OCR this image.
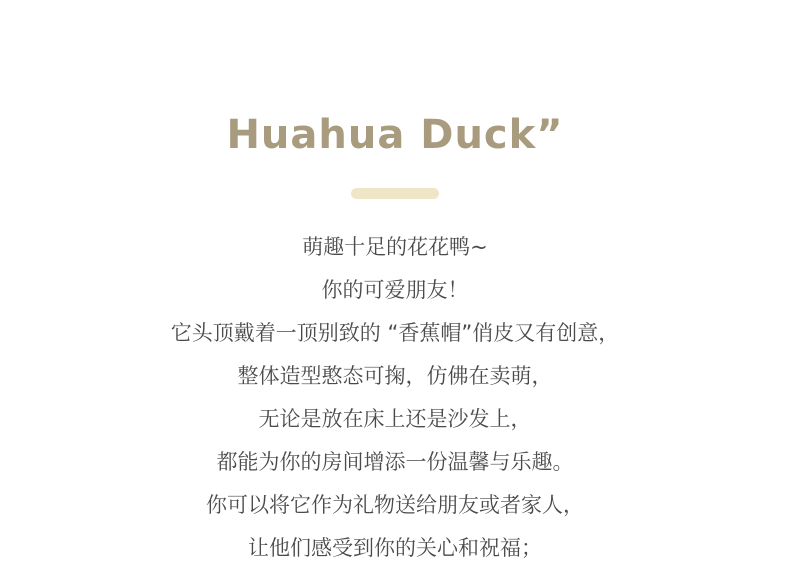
Huahua Duck”
萌趣十足的花花鸭~
你的可爱朋友！
它头顶戴着一顶别致的 “香蕉帽”俏皮又有创意，
整体造型憨态可掬，仿佛在卖萌，
无论是放在床上还是沙发上，
都能为你的房间增添一份温馨与乐趣。
你可以将它作为礼物送给朋友或者家人，
让他们感受到你的关心和祝福；
